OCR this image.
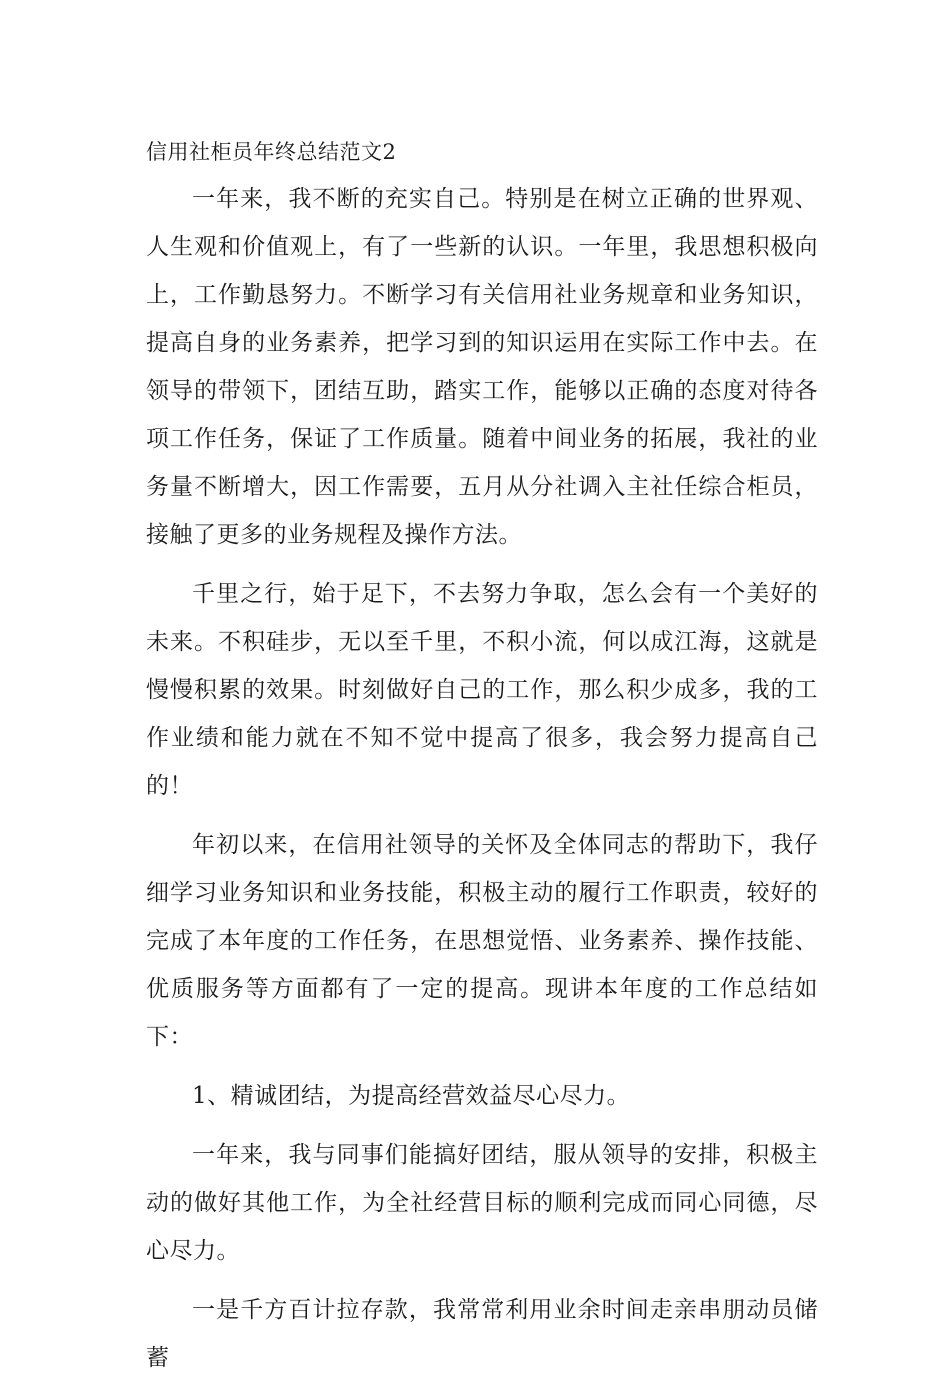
信用社柜员年终总结范文2

一年来，我不断的充实自己。特别是在树立正确的世界观、人生观和价值观上，有了一些新的认识。一年里，我思想积极向上，工作勤恳努力。不断学习有关信用社业务规章和业务知识，提高自身的业务素养，把学习到的知识运用在实际工作中去。在领导的带领下，团结互助，踏实工作，能够以正确的态度对待各项工作任务，保证了工作质量。随着中间业务的拓展，我社的业务量不断增大，因工作需要，五月从分社调入主社任综合柜员，接触了更多的业务规程及操作方法。

千里之行，始于足下，不去努力争取，怎么会有一个美好的未来。不积硅步，无以至千里，不积小流，何以成江海，这就是慢慢积累的效果。时刻做好自己的工作，那么积少成多，我的工作业绩和能力就在不知不觉中提高了很多，我会努力提高自己的！

年初以来，在信用社领导的关怀及全体同志的帮助下，我仔细学习业务知识和业务技能，积极主动的履行工作职责，较好的完成了本年度的工作任务，在思想觉悟、业务素养、操作技能、优质服务等方面都有了一定的提高。现讲本年度的工作总结如下：

1、精诚团结，为提高经营效益尽心尽力。

一年来，我与同事们能搞好团结，服从领导的安排，积极主动的做好其他工作，为全社经营目标的顺利完成而同心同德，尽心尽力。

一是千方百计拉存款，我常常利用业余时间走亲串朋动员储蓄
